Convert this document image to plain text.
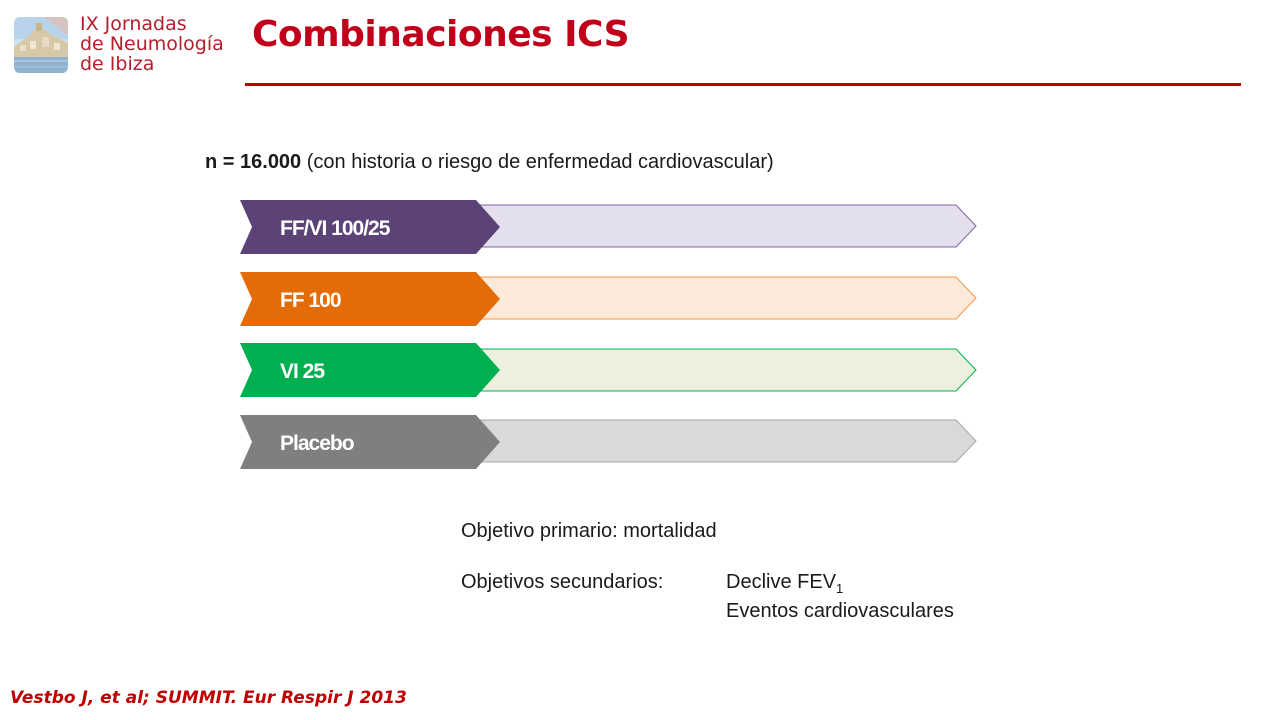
IX Jornadas
de Neumología
de Ibiza
Combinaciones ICS
n = 16.000 (con historia o riesgo de enfermedad cardiovascular)
FF/VI 100/25
FF 100
VI 25
Placebo
Objetivo primario: mortalidad
Objetivos secundarios:	Declive $FEV_1$
Eventos cardiovasculares
Vestbo J, et al; SUMMIT. Eur Respir J 2013
